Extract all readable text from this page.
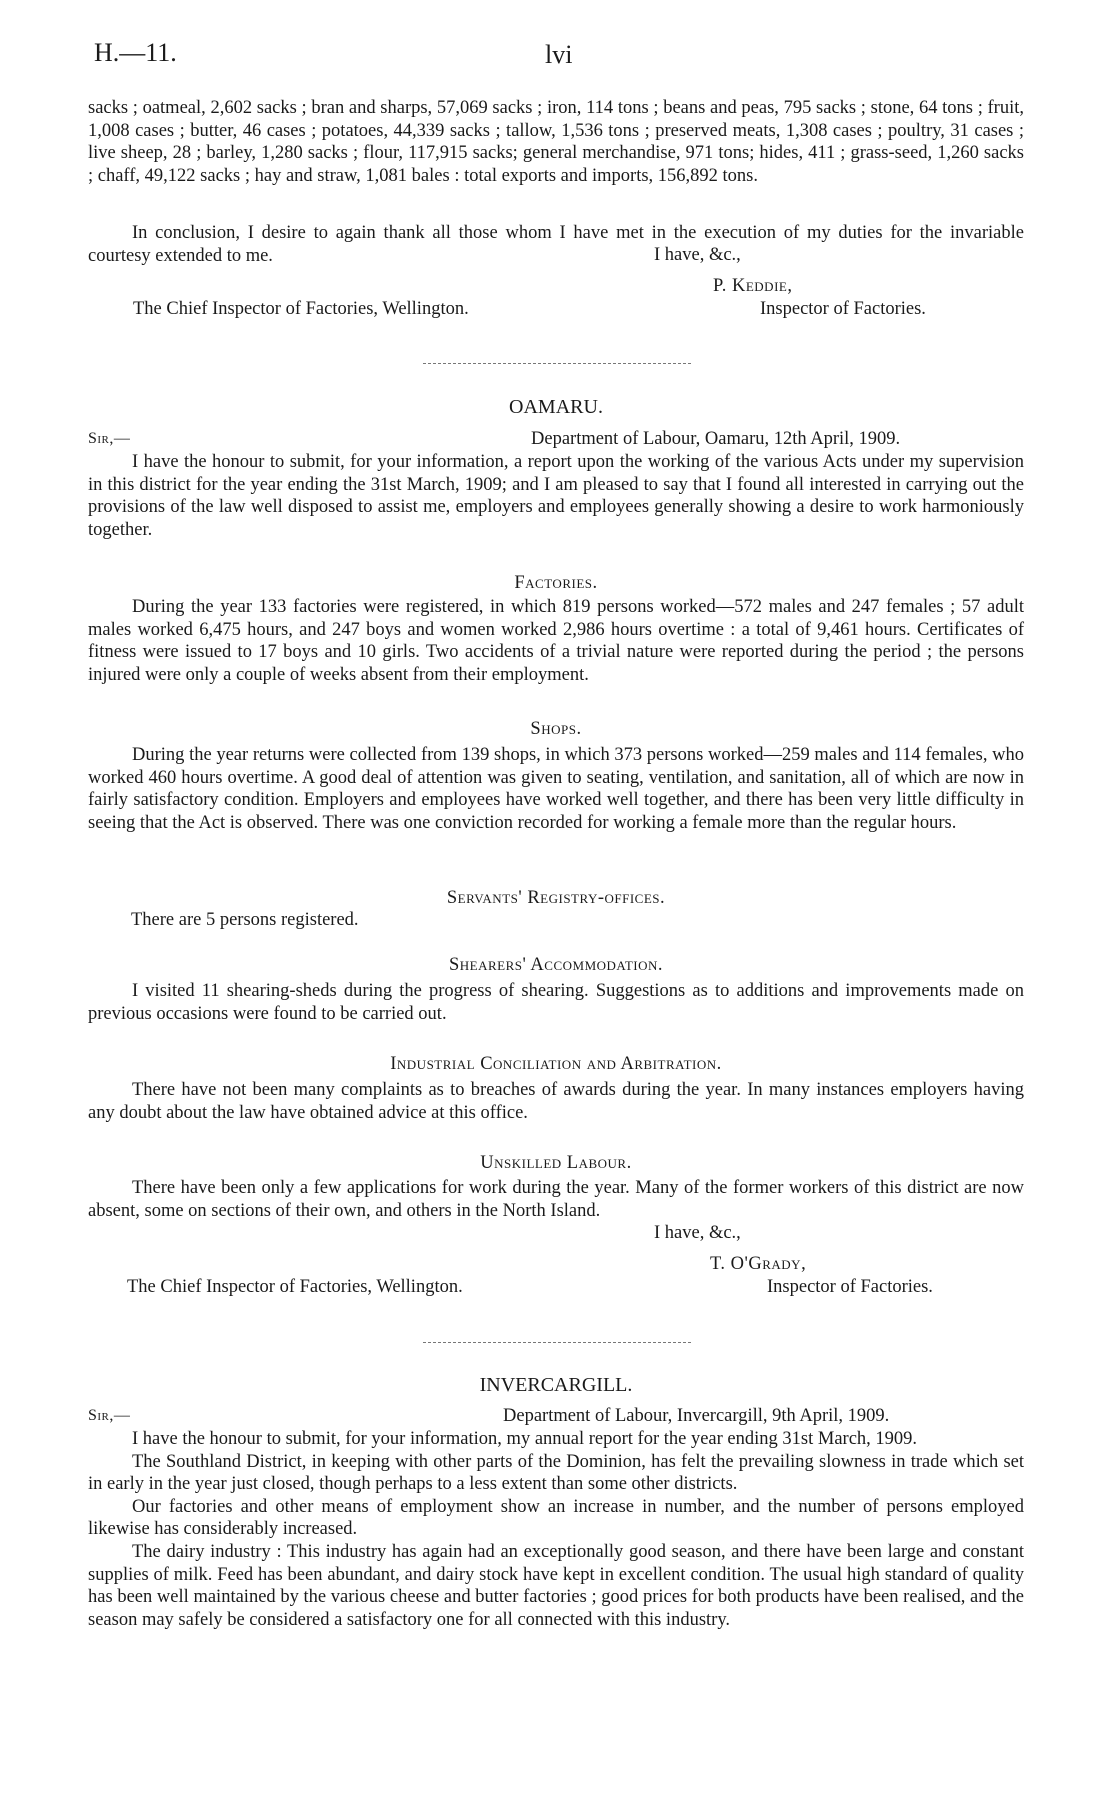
H.—11.	lvi

sacks ; oatmeal, 2,602 sacks ; bran and sharps, 57,069 sacks ; iron, 114 tons ; beans and peas, 795 sacks ; stone, 64 tons ; fruit, 1,008 cases ; butter, 46 cases ; potatoes, 44,339 sacks ; tallow, 1,536 tons ; preserved meats, 1,308 cases ; poultry, 31 cases ; live sheep, 28 ; barley, 1,280 sacks ; flour, 117,915 sacks; general merchandise, 971 tons; hides, 411 ; grass-seed, 1,260 sacks ; chaff, 49,122 sacks ; hay and straw, 1,081 bales : total exports and imports, 156,892 tons.

In conclusion, I desire to again thank all those whom I have met in the execution of my duties for the invariable courtesy extended to me.	I have, &c.,
P. Keddie,
Inspector of Factories.
The Chief Inspector of Factories, Wellington.
OAMARU.
Sir,—	Department of Labour, Oamaru, 12th April, 1909.

I have the honour to submit, for your information, a report upon the working of the various Acts under my supervision in this district for the year ending the 31st March, 1909; and I am pleased to say that I found all interested in carrying out the provisions of the law well disposed to assist me, employers and employees generally showing a desire to work harmoniously together.

Factories.

During the year 133 factories were registered, in which 819 persons worked—572 males and 247 females ; 57 adult males worked 6,475 hours, and 247 boys and women worked 2,986 hours overtime : a total of 9,461 hours. Certificates of fitness were issued to 17 boys and 10 girls. Two accidents of a trivial nature were reported during the period ; the persons injured were only a couple of weeks absent from their employment.

Shops.

During the year returns were collected from 139 shops, in which 373 persons worked—259 males and 114 females, who worked 460 hours overtime. A good deal of attention was given to seating, ventilation, and sanitation, all of which are now in fairly satisfactory condition. Employers and employees have worked well together, and there has been very little difficulty in seeing that the Act is observed. There was one conviction recorded for working a female more than the regular hours.

Servants' Registry-offices.
There are 5 persons registered.
Shearers' Accommodation.

I visited 11 shearing-sheds during the progress of shearing. Suggestions as to additions and improvements made on previous occasions were found to be carried out.

Industrial Conciliation and Arbitration.

There have not been many complaints as to breaches of awards during the year. In many instances employers having any doubt about the law have obtained advice at this office.

Unskilled Labour.

There have been only a few applications for work during the year. Many of the former workers of this district are now absent, some on sections of their own, and others in the North Island.

I have, &c.,
T. O'Grady,
Inspector of Factories.
The Chief Inspector of Factories, Wellington.
INVERCARGILL.
Sir,—	Department of Labour, Invercargill, 9th April, 1909.

I have the honour to submit, for your information, my annual report for the year ending 31st March, 1909.

The Southland District, in keeping with other parts of the Dominion, has felt the prevailing slowness in trade which set in early in the year just closed, though perhaps to a less extent than some other districts.

Our factories and other means of employment show an increase in number, and the number of persons employed likewise has considerably increased.

The dairy industry : This industry has again had an exceptionally good season, and there have been large and constant supplies of milk. Feed has been abundant, and dairy stock have kept in excellent condition. The usual high standard of quality has been well maintained by the various cheese and butter factories ; good prices for both products have been realised, and the season may safely be considered a satisfactory one for all connected with this industry.
